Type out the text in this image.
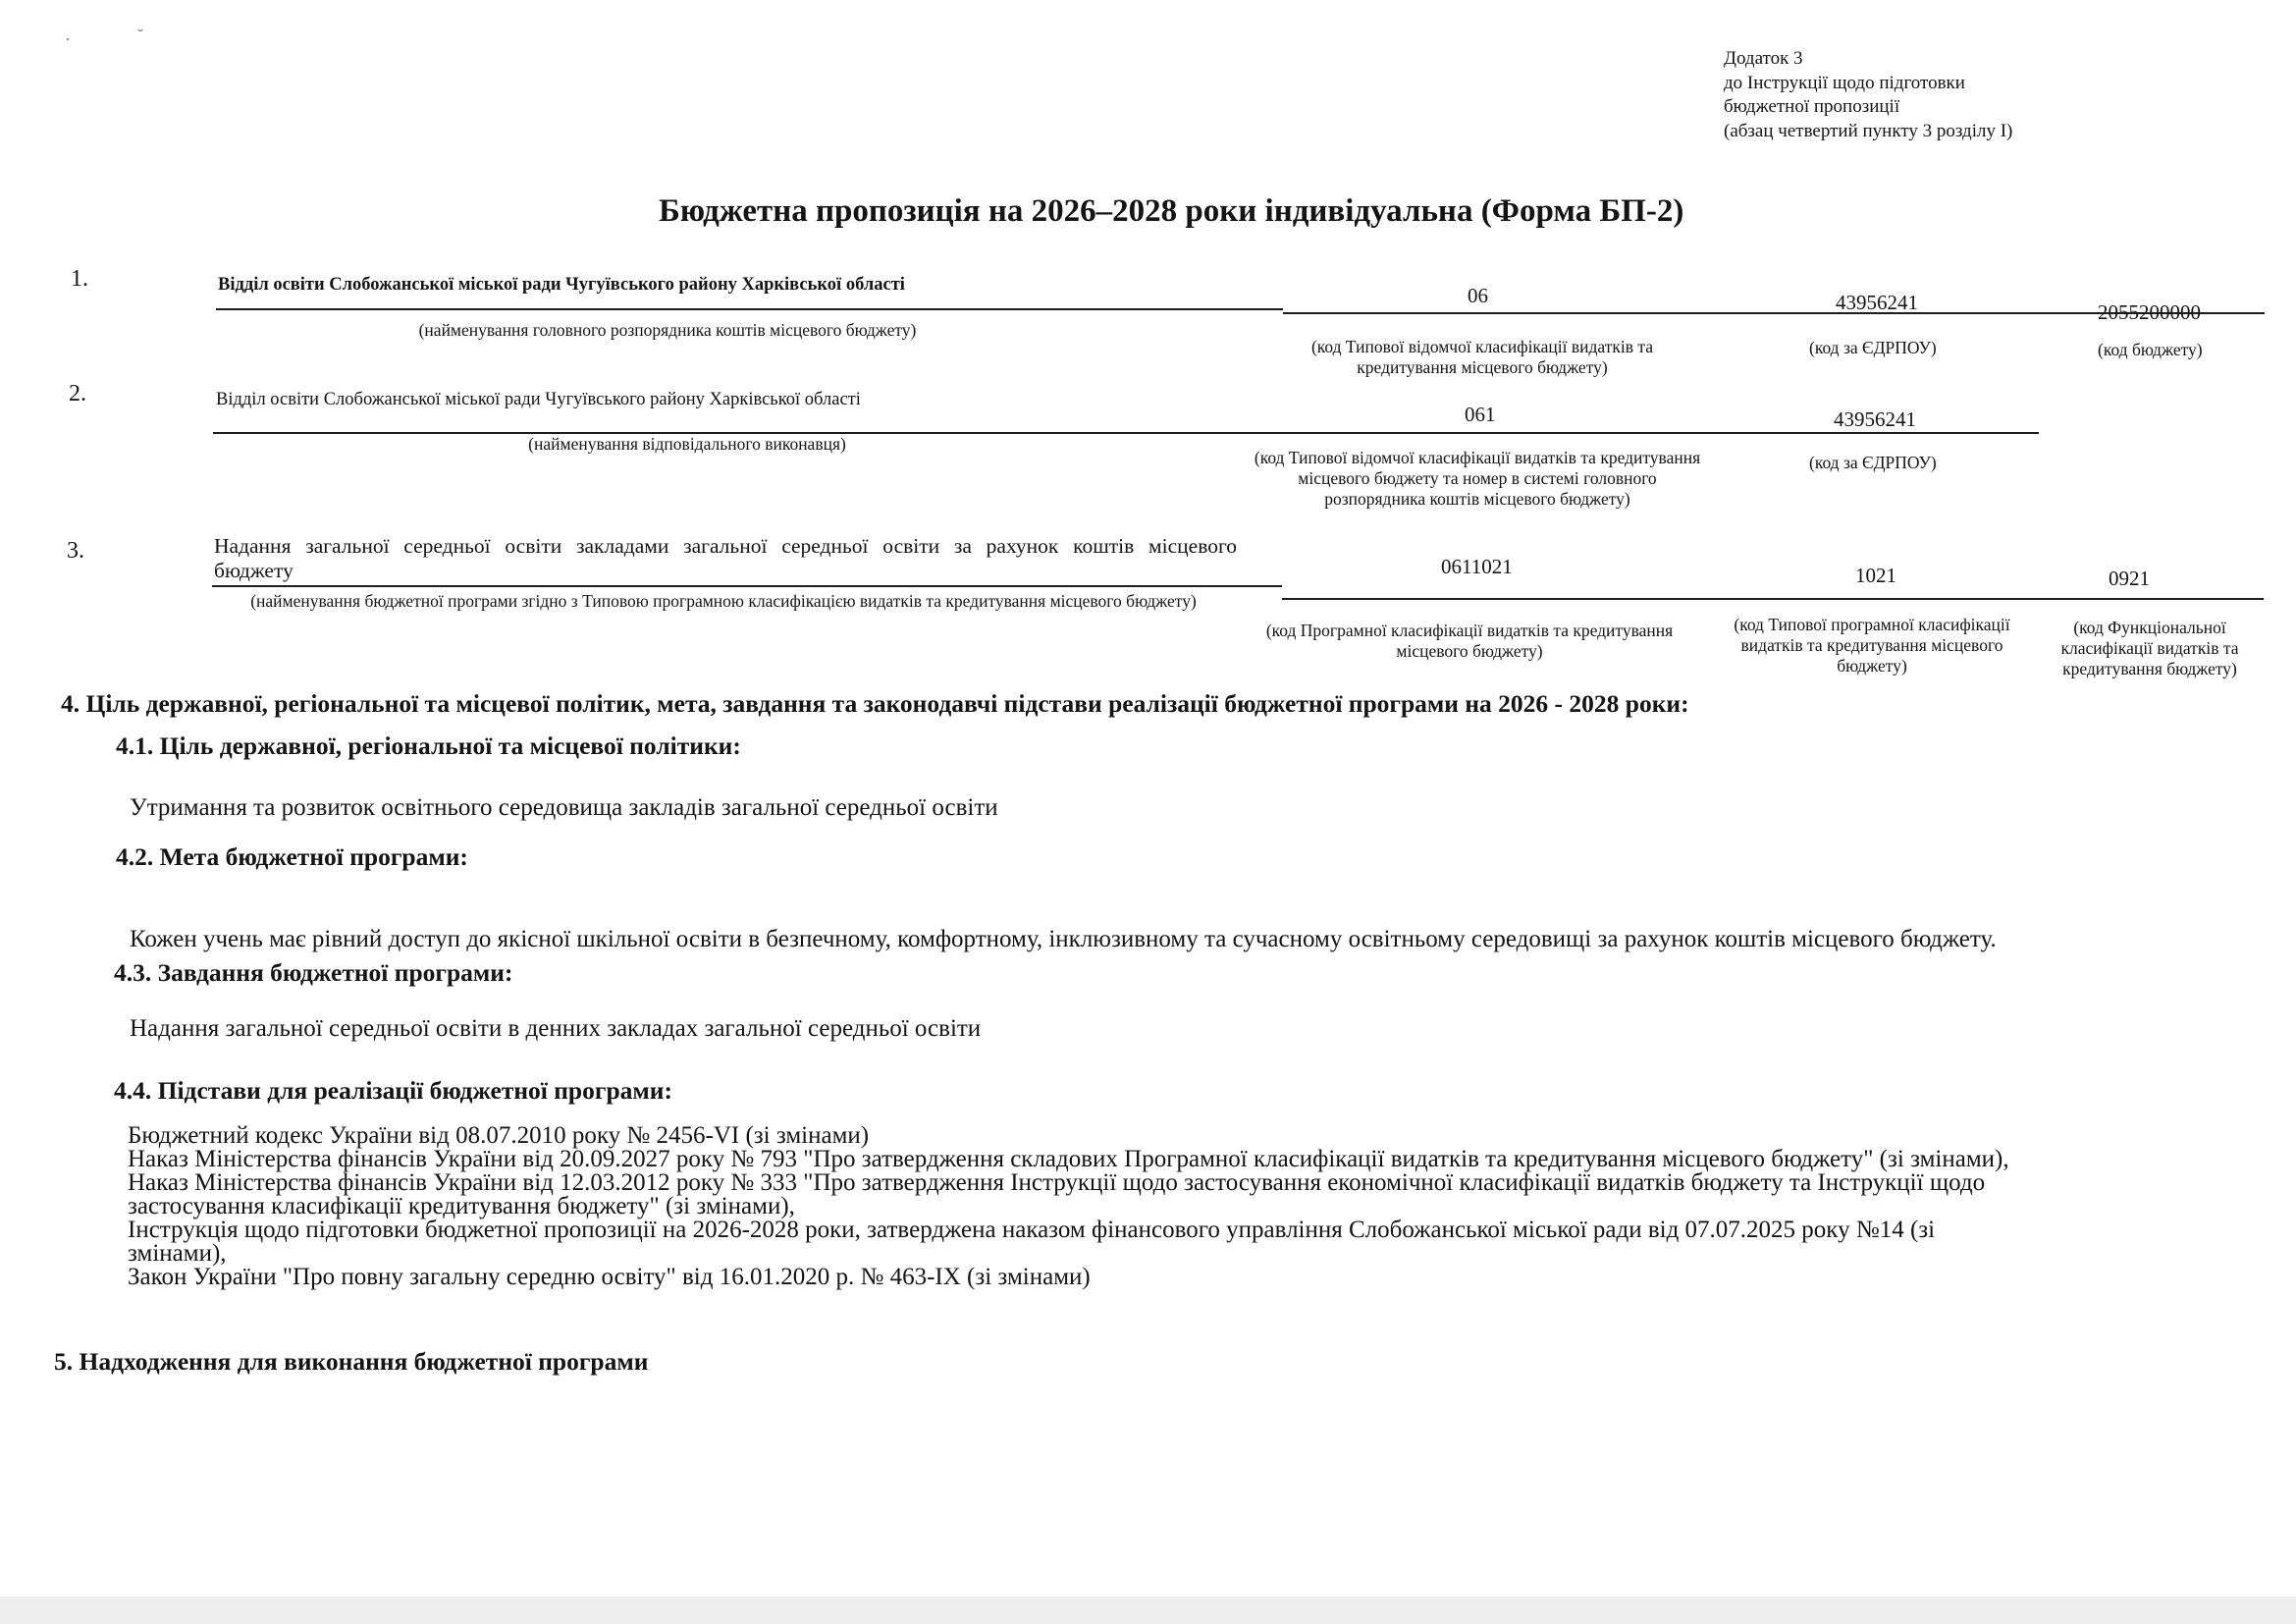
·	˘
Додаток 3
до Інструкції щодо підготовки
бюджетної пропозиції
(абзац четвертий пункту 3 розділу І)
Бюджетна пропозиція на 2026–2028 роки індивідуальна (Форма БП-2)
1.	Відділ освіти Слобожанської міської ради Чугуївського району Харківської області
(найменування головного розпорядника коштів місцевого бюджету)
06
(код Типової відомчої класифікації видатків та кредитування місцевого бюджету)
43956241
(код за ЄДРПОУ)
2055200000
(код бюджету)
2.	Відділ освіти Слобожанської міської ради Чугуївського району Харківської області
(найменування відповідального виконавця)
061
(код Типової відомчої класифікації видатків та кредитування місцевого бюджету та номер в системі головного розпорядника коштів місцевого бюджету)
43956241
(код за ЄДРПОУ)
3.	Надання загальної середньої освіти закладами загальної середньої освіти за рахунок коштів місцевого
бюджету
(найменування бюджетної програми згідно з Типовою програмною класифікацією видатків та кредитування місцевого бюджету)
0611021
(код Програмної класифікації видатків та кредитування місцевого бюджету)
1021
(код Типової програмної класифікації видатків та кредитування місцевого бюджету)
0921
(код Функціональної класифікації видатків та кредитування бюджету)
4. Ціль державної, регіональної та місцевої політик, мета, завдання та законодавчі підстави реалізації бюджетної програми на 2026 - 2028 роки:
4.1. Ціль державної, регіональної та місцевої політики:
Утримання та розвиток освітнього середовища закладів загальної середньої освіти
4.2. Мета бюджетної програми:
Кожен учень має рівний доступ до якісної шкільної освіти в безпечному, комфортному, інклюзивному та сучасному освітньому середовищі за рахунок коштів місцевого бюджету.
4.3. Завдання бюджетної програми:
Надання загальної середньої освіти в денних закладах загальної середньої освіти
4.4. Підстави для реалізації бюджетної програми:
Бюджетний кодекс України від 08.07.2010 року № 2456-VI (зі змінами)
Наказ Міністерства фінансів України від 20.09.2027 року № 793 "Про затвердження складових Програмної класифікації видатків та кредитування місцевого бюджету" (зі змінами),
Наказ Міністерства фінансів України від 12.03.2012 року № 333 "Про затвердження Інструкції щодо застосування економічної класифікації видатків бюджету та Інструкції щодо
застосування класифікації кредитування бюджету" (зі змінами),
Інструкція щодо підготовки бюджетної пропозиції на 2026-2028 роки, затверджена наказом фінансового управління Слобожанської міської ради від 07.07.2025 року №14 (зі
змінами),
Закон України "Про повну загальну середню освіту" від 16.01.2020 р. № 463-IX (зі змінами)
5. Надходження для виконання бюджетної програми
